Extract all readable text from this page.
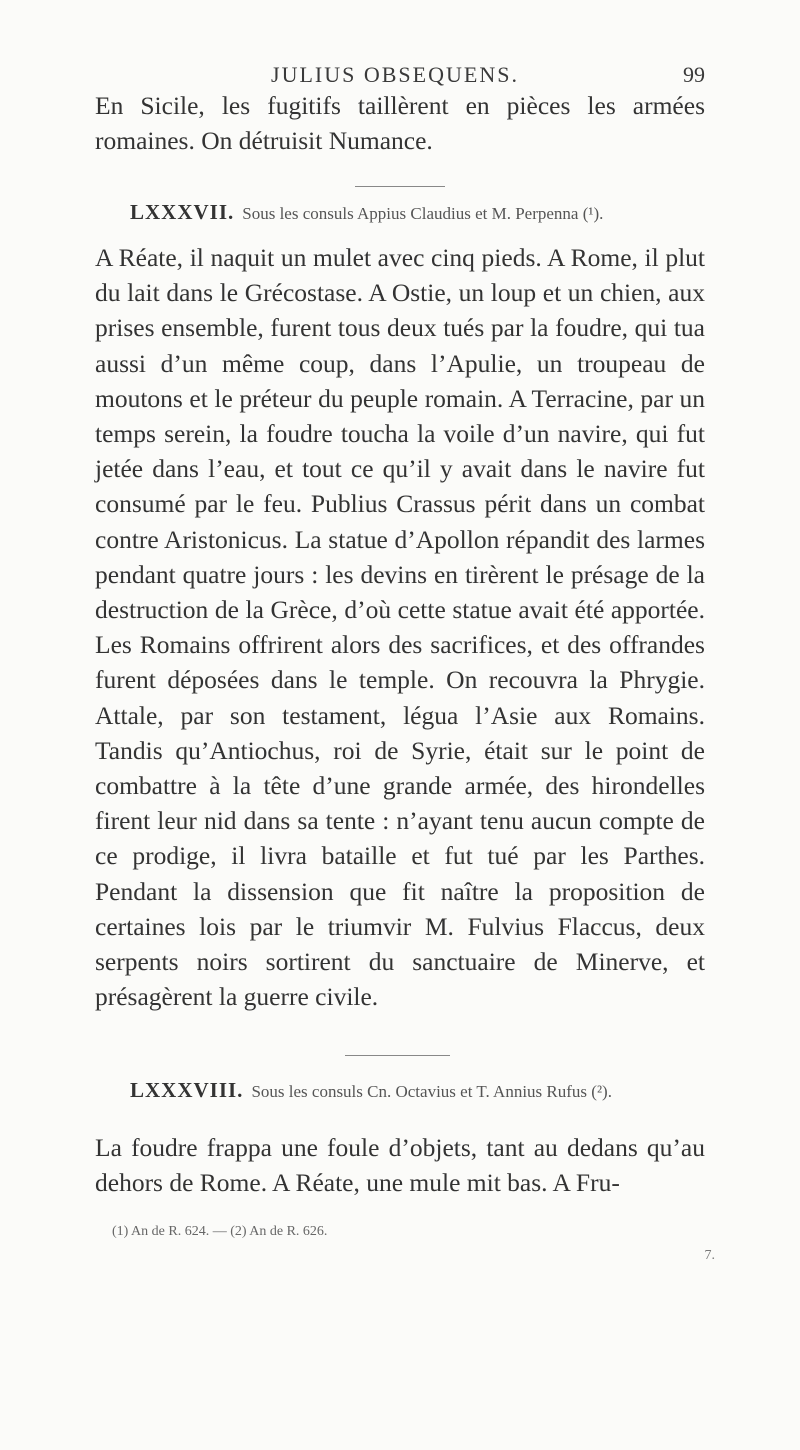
JULIUS OBSEQUENS.	99

En Sicile, les fugitifs taillèrent en pièces les armées romaines. On détruisit Numance.

LXXXVII. Sous les consuls Appius Claudius et M. Perpenna (¹).

A Réate, il naquit un mulet avec cinq pieds. A Rome, il plut du lait dans le Grécostase. A Ostie, un loup et un chien, aux prises ensemble, furent tous deux tués par la foudre, qui tua aussi d’un même coup, dans l’Apulie, un troupeau de moutons et le préteur du peuple romain. A Terracine, par un temps serein, la foudre toucha la voile d’un navire, qui fut jetée dans l’eau, et tout ce qu’il y avait dans le navire fut consumé par le feu. Publius Crassus périt dans un combat contre Aristonicus. La statue d’Apollon répandit des larmes pendant quatre jours : les devins en tirèrent le présage de la destruction de la Grèce, d’où cette statue avait été apportée. Les Romains offrirent alors des sacrifices, et des offrandes furent déposées dans le temple. On recouvra la Phrygie. Attale, par son testament, légua l’Asie aux Romains. Tandis qu’Antiochus, roi de Syrie, était sur le point de combattre à la tête d’une grande armée, des hirondelles firent leur nid dans sa tente : n’ayant tenu aucun compte de ce prodige, il livra bataille et fut tué par les Parthes. Pendant la dissension que fit naître la proposition de certaines lois par le triumvir M. Fulvius Flaccus, deux serpents noirs sortirent du sanctuaire de Minerve, et présagèrent la guerre civile.

LXXXVIII. Sous les consuls Cn. Octavius et T. Annius Rufus (²).

La foudre frappa une foule d’objets, tant au dedans qu’au dehors de Rome. A Réate, une mule mit bas. A Fru-

(1) An de R. 624. — (2) An de R. 626.
7.
